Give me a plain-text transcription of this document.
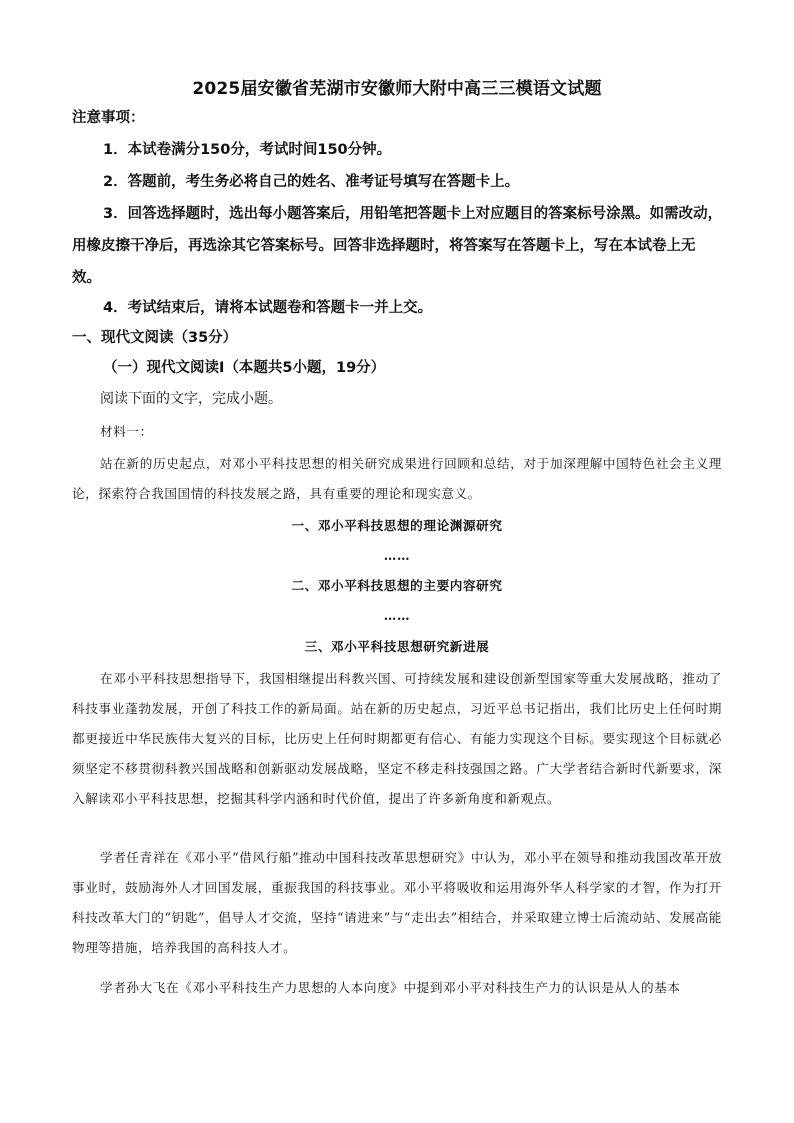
2025届安徽省芜湖市安徽师大附中高三三模语文试题
注意事项：
1．本试卷满分150分，考试时间150分钟。
2．答题前，考生务必将自己的姓名、准考证号填写在答题卡上。
3．回答选择题时，选出每小题答案后，用铅笔把答题卡上对应题目的答案标号涂黑。如需改动，用橡皮擦干净后，再选涂其它答案标号。回答非选择题时，将答案写在答题卡上，写在本试卷上无效。
4．考试结束后，请将本试题卷和答题卡一并上交。
一、现代文阅读（35分）
（一）现代文阅读Ⅰ（本题共5小题，19分）
阅读下面的文字，完成小题。
材料一：
站在新的历史起点，对邓小平科技思想的相关研究成果进行回顾和总结，对于加深理解中国特色社会主义理论，探索符合我国国情的科技发展之路，具有重要的理论和现实意义。
一、邓小平科技思想的理论渊源研究
……
二、邓小平科技思想的主要内容研究
……
三、邓小平科技思想研究新进展
在邓小平科技思想指导下，我国相继提出科教兴国、可持续发展和建设创新型国家等重大发展战略，推动了科技事业蓬勃发展，开创了科技工作的新局面。站在新的历史起点，习近平总书记指出，我们比历史上任何时期都更接近中华民族伟大复兴的目标，比历史上任何时期都更有信心、有能力实现这个目标。要实现这个目标就必须坚定不移贯彻科教兴国战略和创新驱动发展战略，坚定不移走科技强国之路。广大学者结合新时代新要求，深入解读邓小平科技思想，挖掘其科学内涵和时代价值，提出了许多新角度和新观点。
学者任青祥在《邓小平“借风行船”推动中国科技改革思想研究》中认为，邓小平在领导和推动我国改革开放事业时，鼓励海外人才回国发展，重振我国的科技事业。邓小平将吸收和运用海外华人科学家的才智，作为打开科技改革大门的“钥匙”，倡导人才交流，坚持“请进来”与“走出去”相结合，并采取建立博士后流动站、发展高能物理等措施，培养我国的高科技人才。
学者孙大飞在《邓小平科技生产力思想的人本向度》中提到邓小平对科技生产力的认识是从人的基本
